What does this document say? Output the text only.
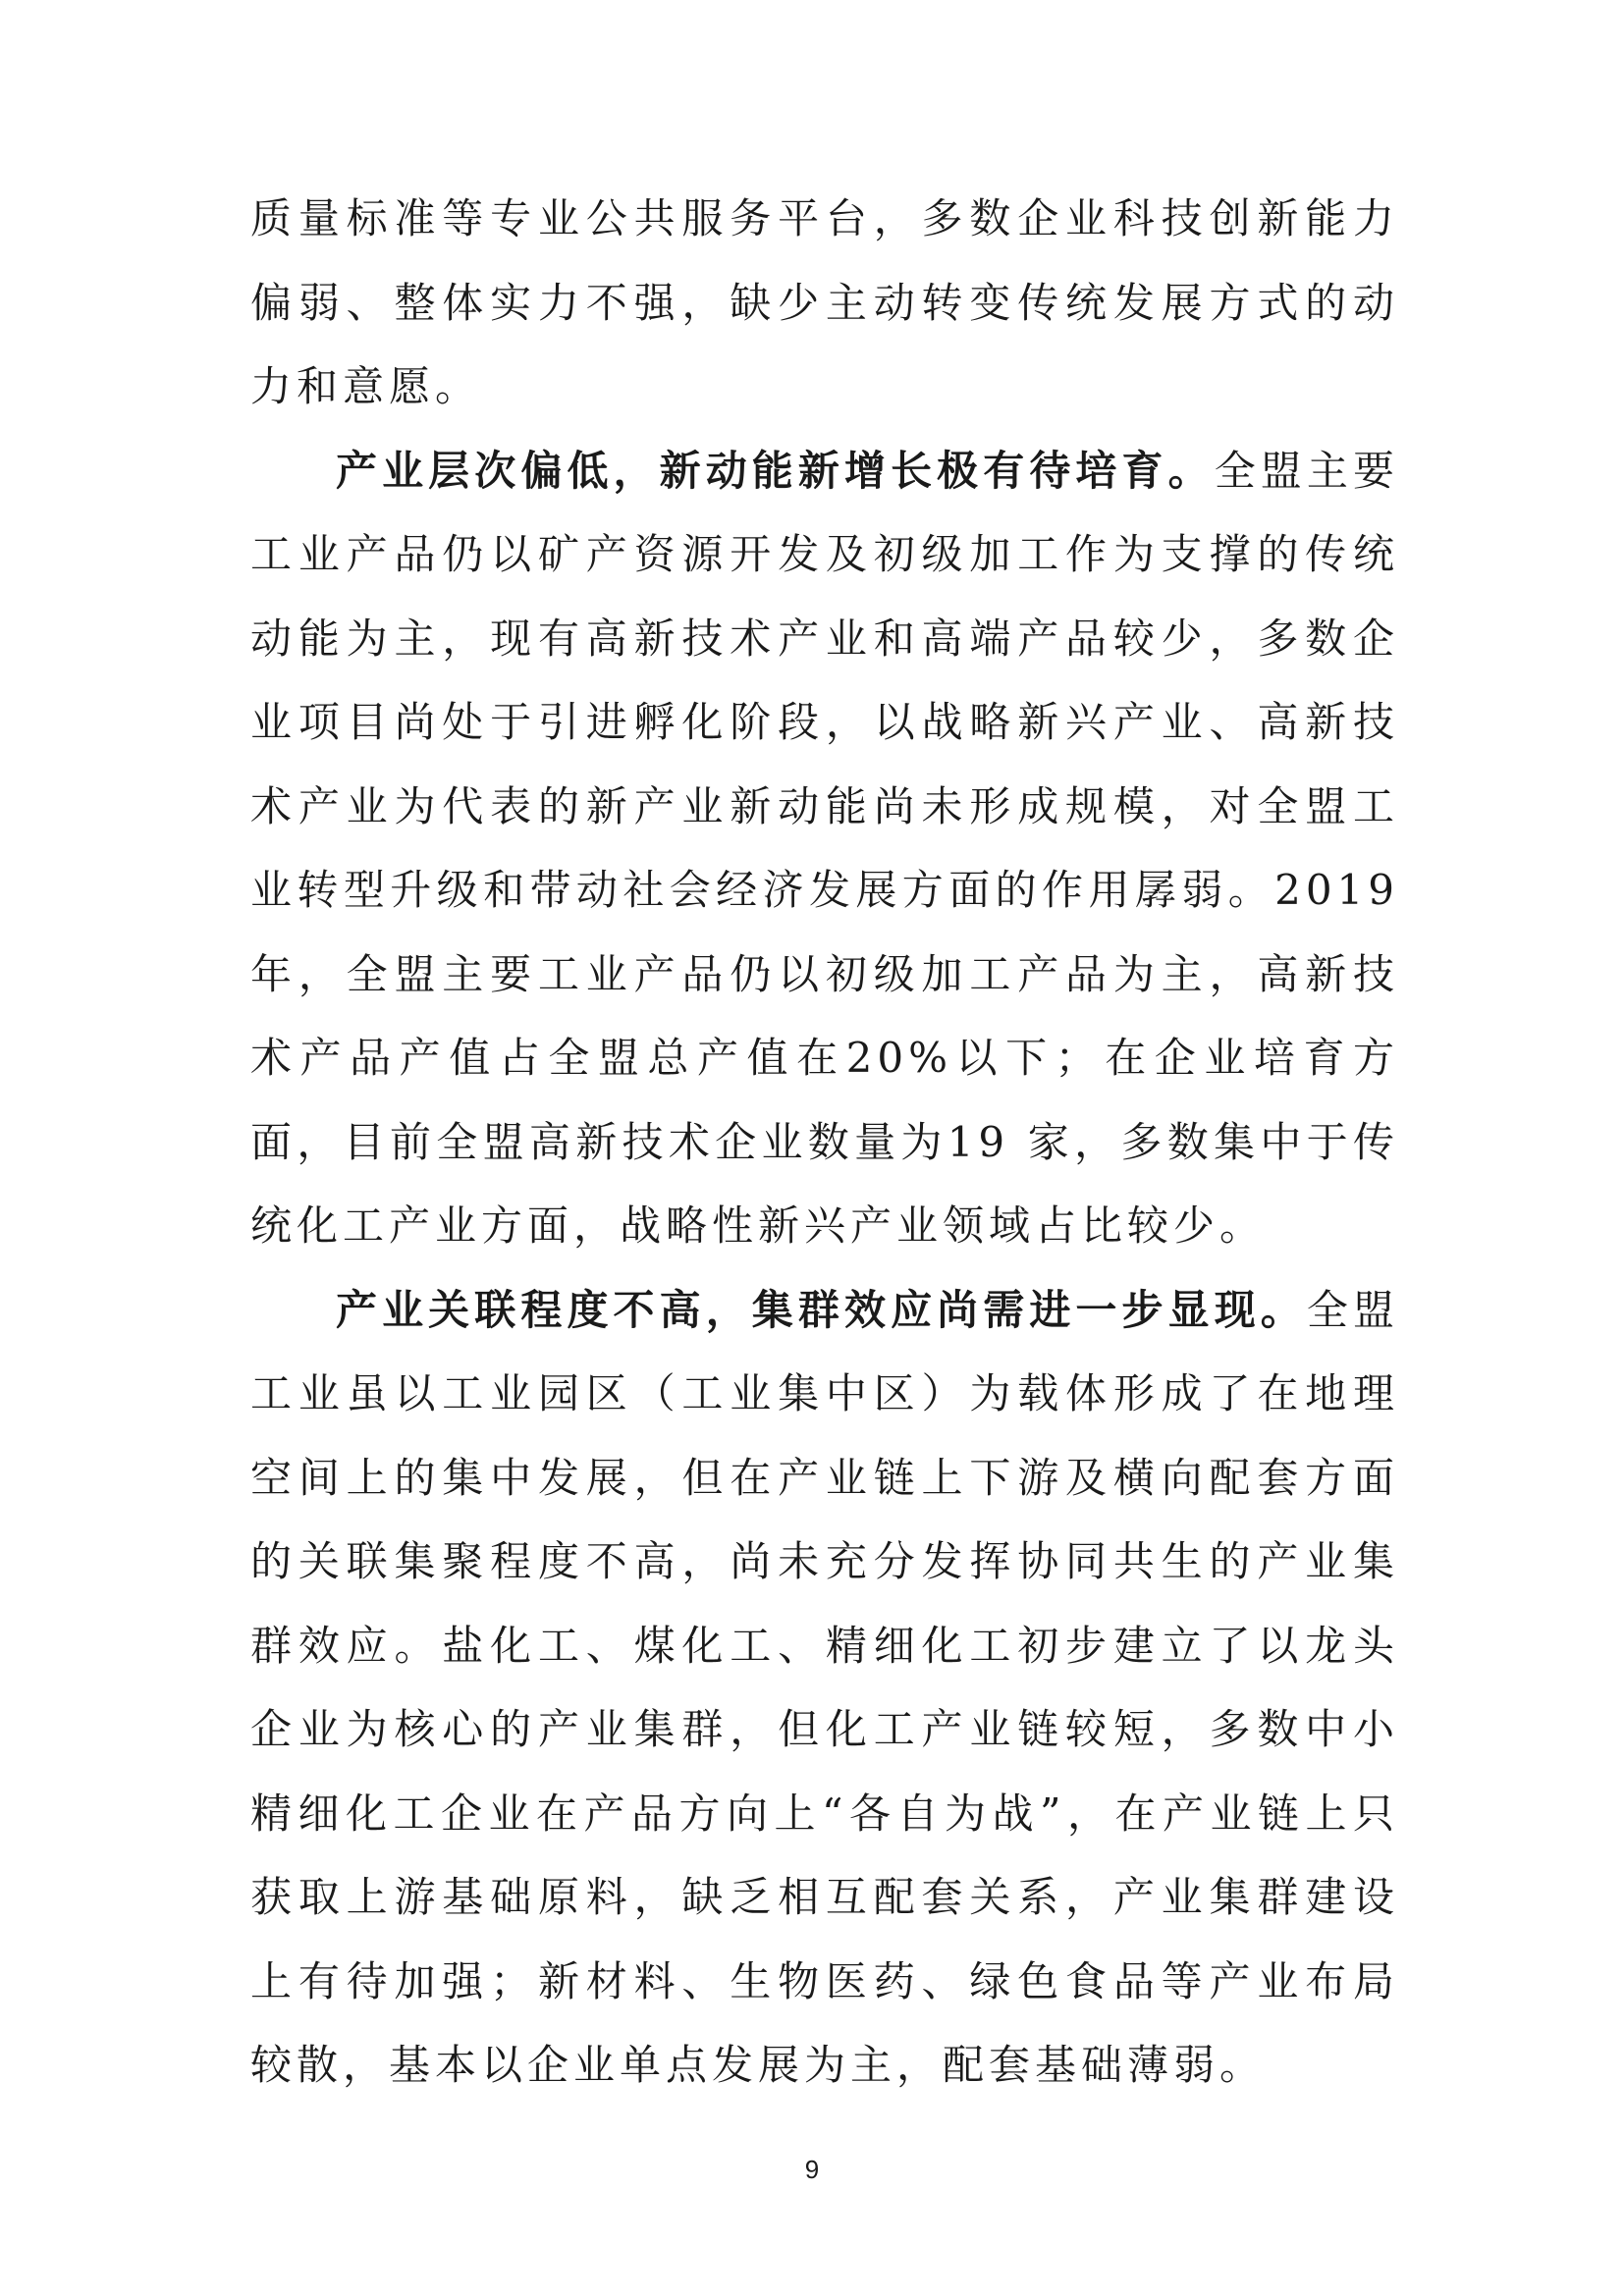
质量标准等专业公共服务平台，多数企业科技创新能力偏弱、整体实力不强，缺少主动转变传统发展方式的动力和意愿。

产业层次偏低，新动能新增长极有待培育。全盟主要工业产品仍以矿产资源开发及初级加工作为支撑的传统动能为主，现有高新技术产业和高端产品较少，多数企业项目尚处于引进孵化阶段，以战略新兴产业、高新技术产业为代表的新产业新动能尚未形成规模，对全盟工业转型升级和带动社会经济发展方面的作用孱弱。2019 年，全盟主要工业产品仍以初级加工产品为主，高新技术产品产值占全盟总产值在20%以下；在企业培育方面，目前全盟高新技术企业数量为19 家，多数集中于传统化工产业方面，战略性新兴产业领域占比较少。

产业关联程度不高，集群效应尚需进一步显现。全盟工业虽以工业园区（工业集中区）为载体形成了在地理空间上的集中发展，但在产业链上下游及横向配套方面的关联集聚程度不高，尚未充分发挥协同共生的产业集群效应。盐化工、煤化工、精细化工初步建立了以龙头企业为核心的产业集群，但化工产业链较短，多数中小精细化工企业在产品方向上“各自为战”，在产业链上只获取上游基础原料，缺乏相互配套关系，产业集群建设上有待加强；新材料、生物医药、绿色食品等产业布局较散，基本以企业单点发展为主，配套基础薄弱。

9
